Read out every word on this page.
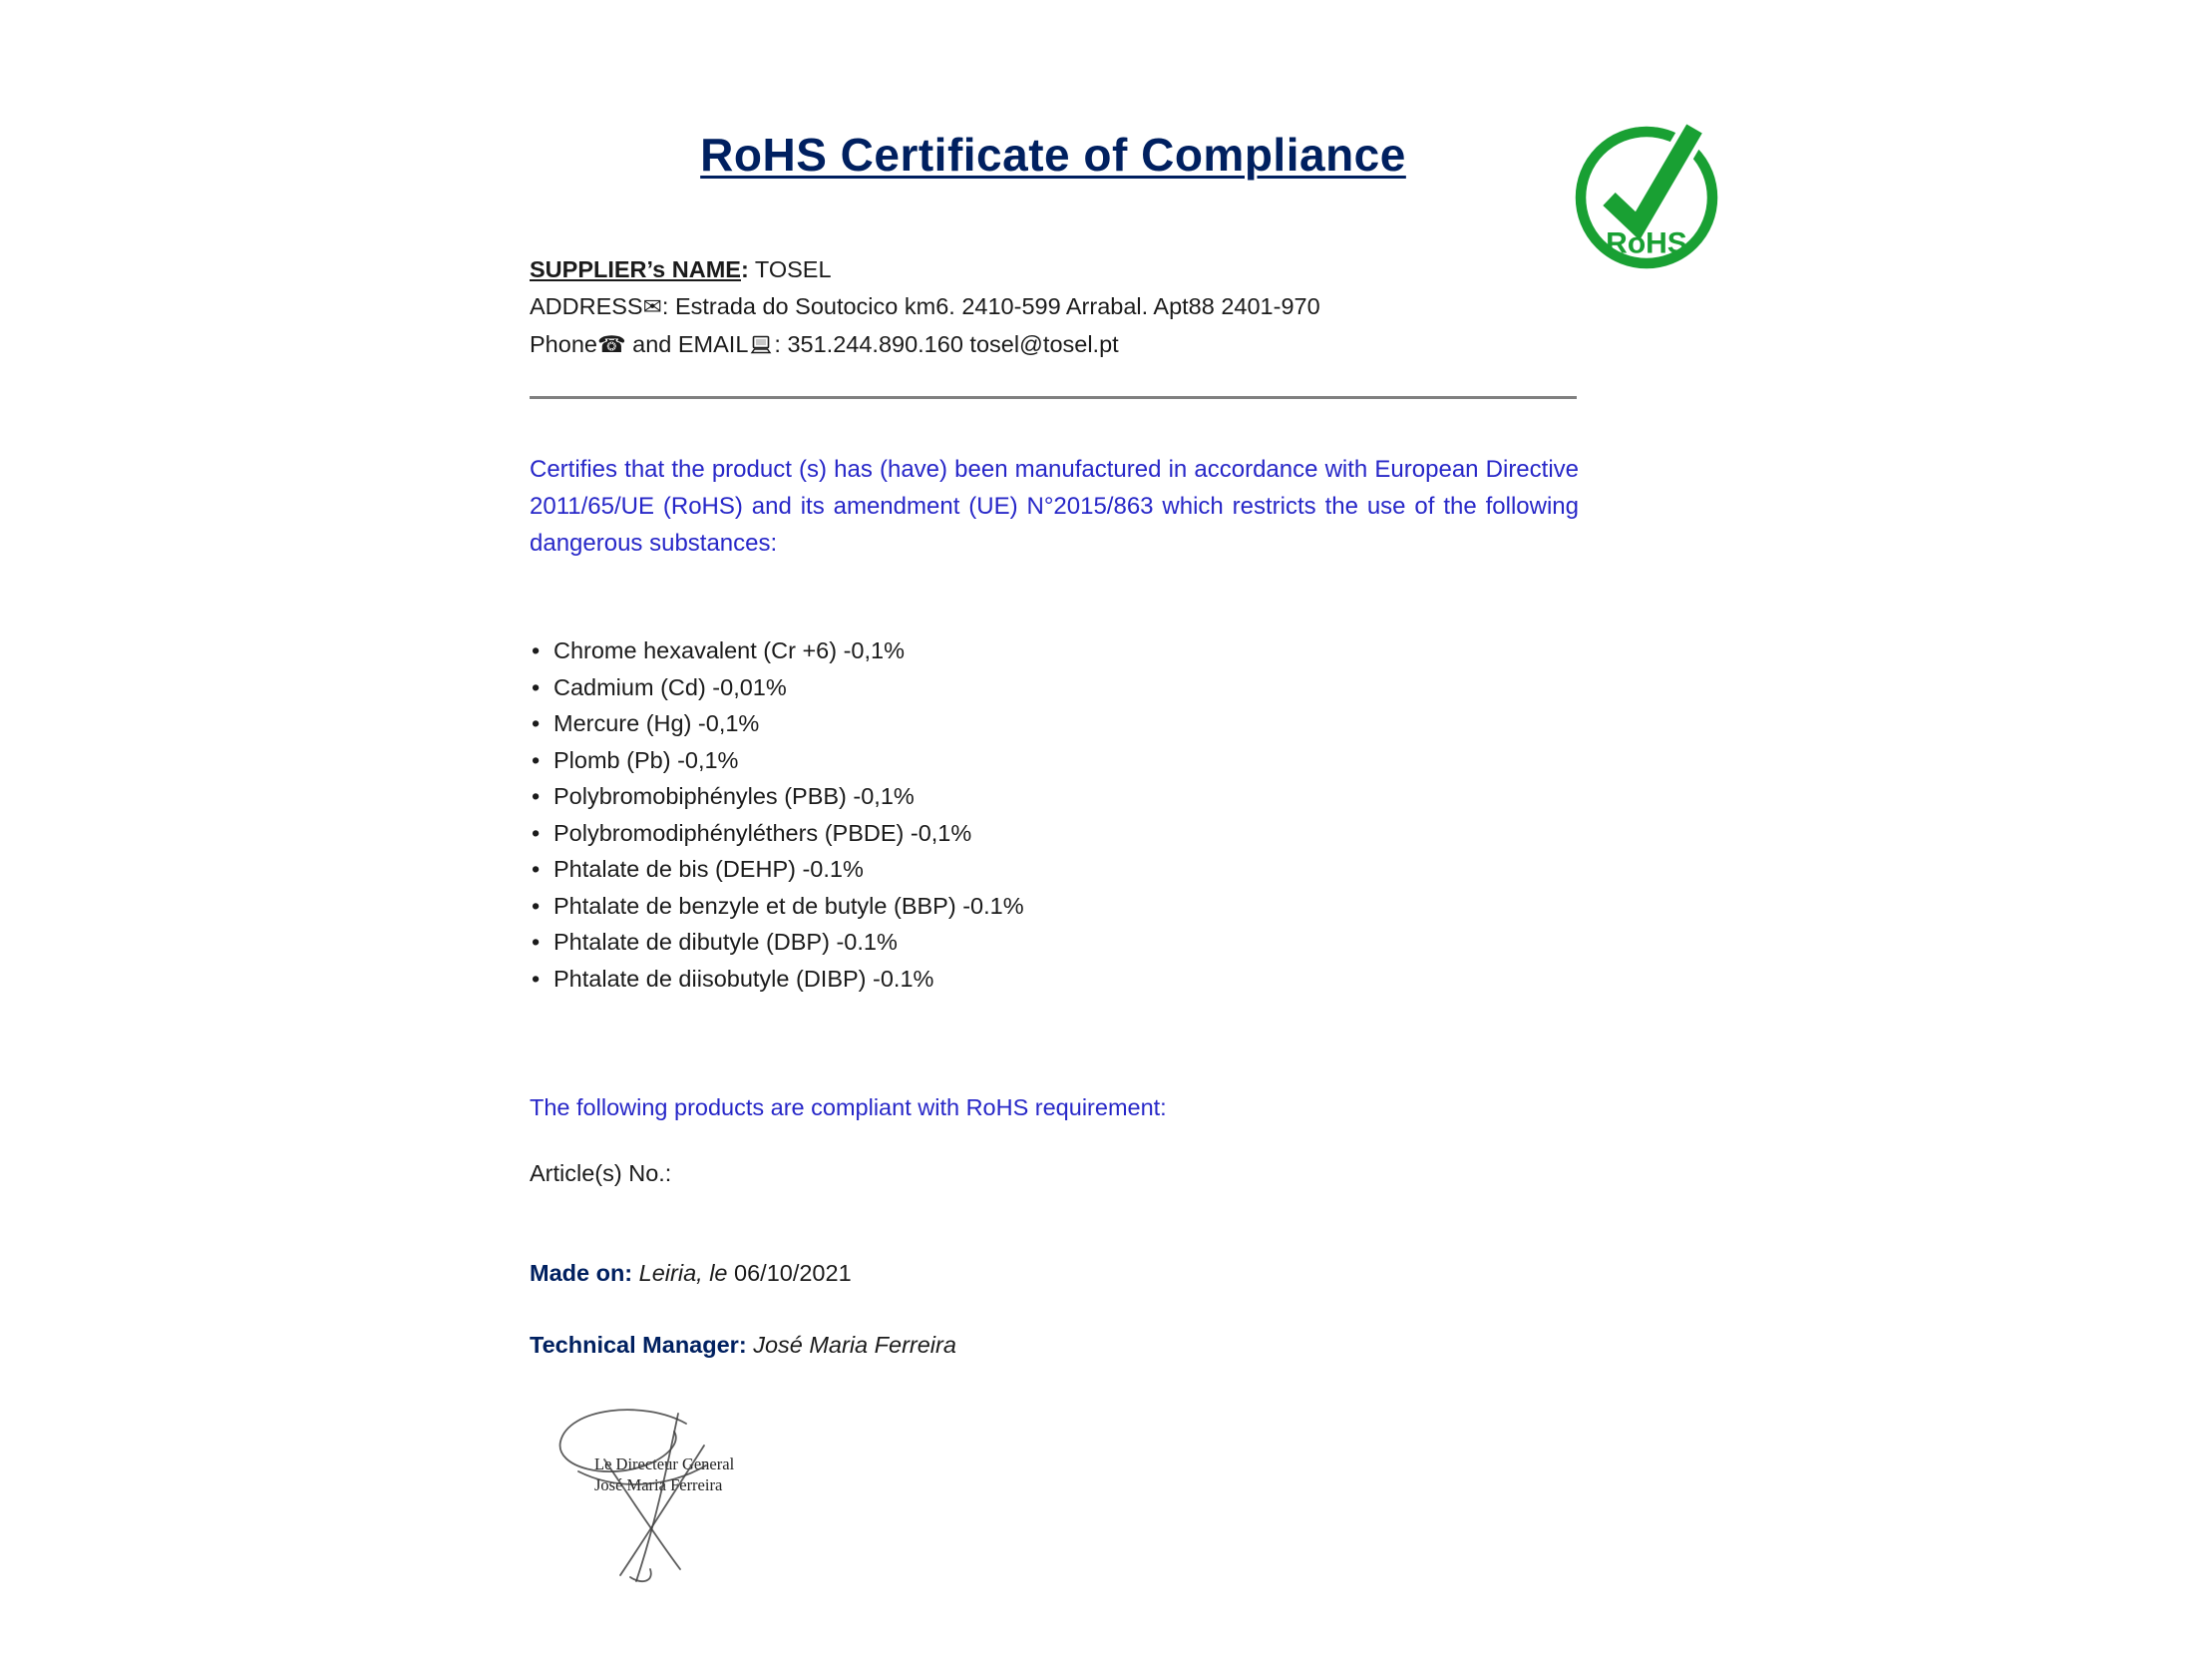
RoHS Certificate of Compliance
RoHS

SUPPLIER’s NAME: TOSEL

ADDRESS✉: Estrada do Soutocico km6. 2410-599 Arrabal. Apt88 2401-970

Phone☎ and EMAIL : 351.244.890.160 tosel@tosel.pt

Certifies that the product (s) has (have) been manufactured in accordance with European Directive 2011/65/UE (RoHS) and its amendment (UE) N°2015/863 which restricts the use of the following dangerous substances:

• Chrome hexavalent (Cr +6) -0,1%
• Cadmium (Cd) -0,01%
• Mercure (Hg) -0,1%
• Plomb (Pb) -0,1%
• Polybromobiphényles (PBB) -0,1%
• Polybromodiphényléthers (PBDE) -0,1%
• Phtalate de bis (DEHP) -0.1%
• Phtalate de benzyle et de butyle (BBP) -0.1%
• Phtalate de dibutyle (DBP) -0.1%
• Phtalate de diisobutyle (DIBP) -0.1%

The following products are compliant with RoHS requirement:

Article(s) No.:

Made on: Leiria, le 06/10/2021

Technical Manager: José Maria Ferreira

Le Directeur General
José Maria Ferreira
